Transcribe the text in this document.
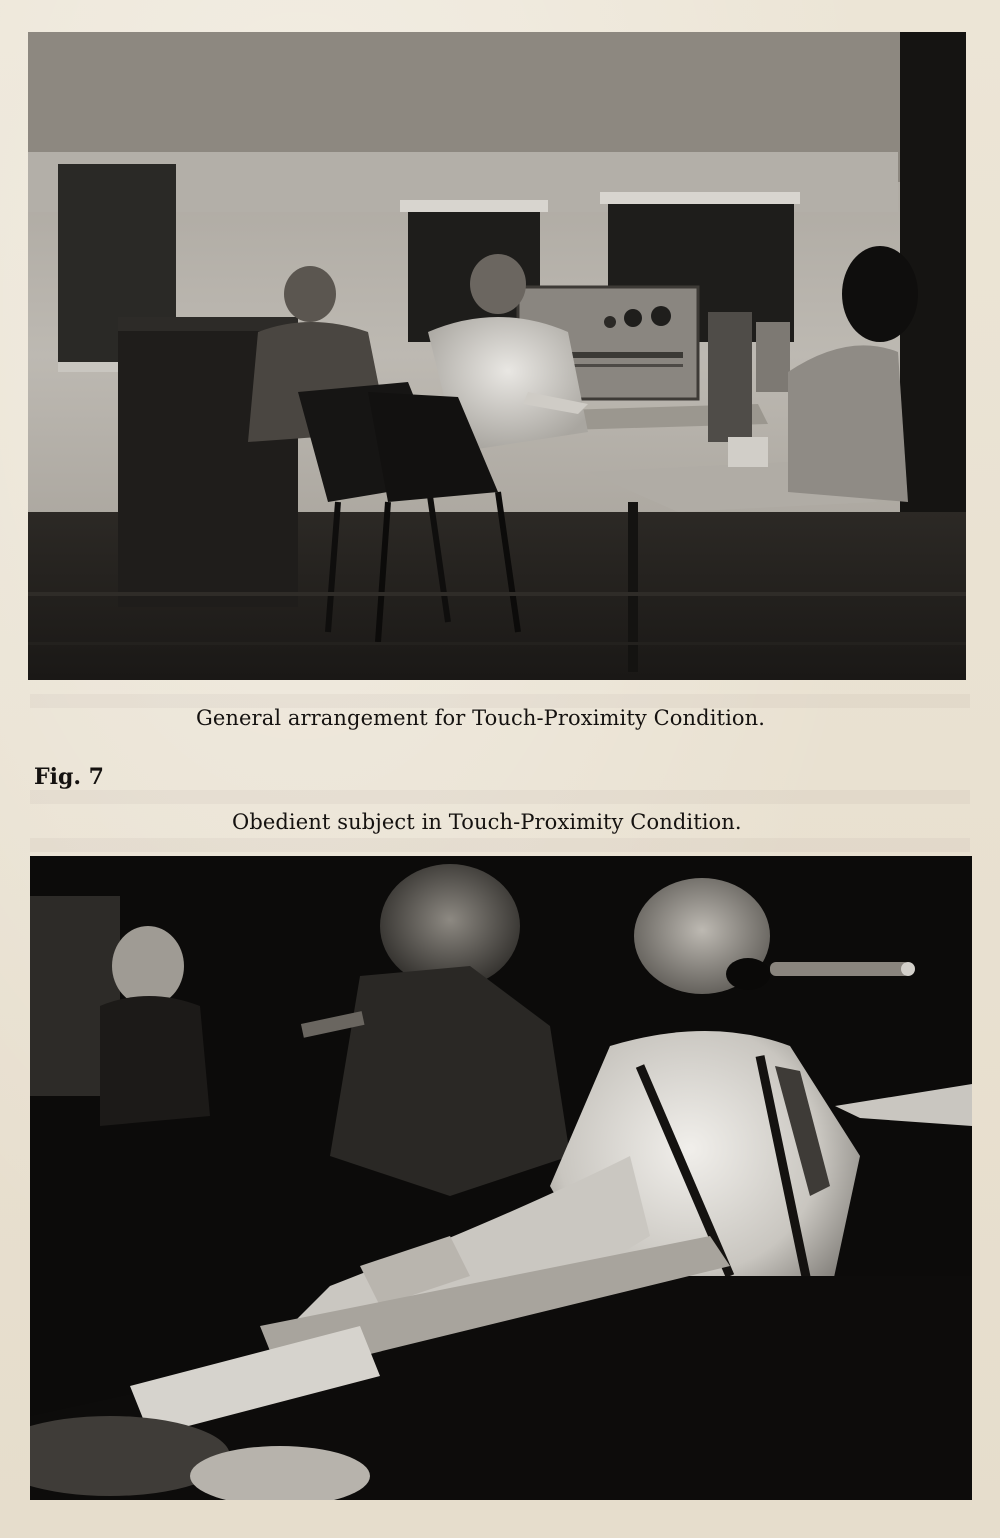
General arrangement for Touch-Proximity Condition.
Fig. 7
Obedient subject in Touch-Proximity Condition.
